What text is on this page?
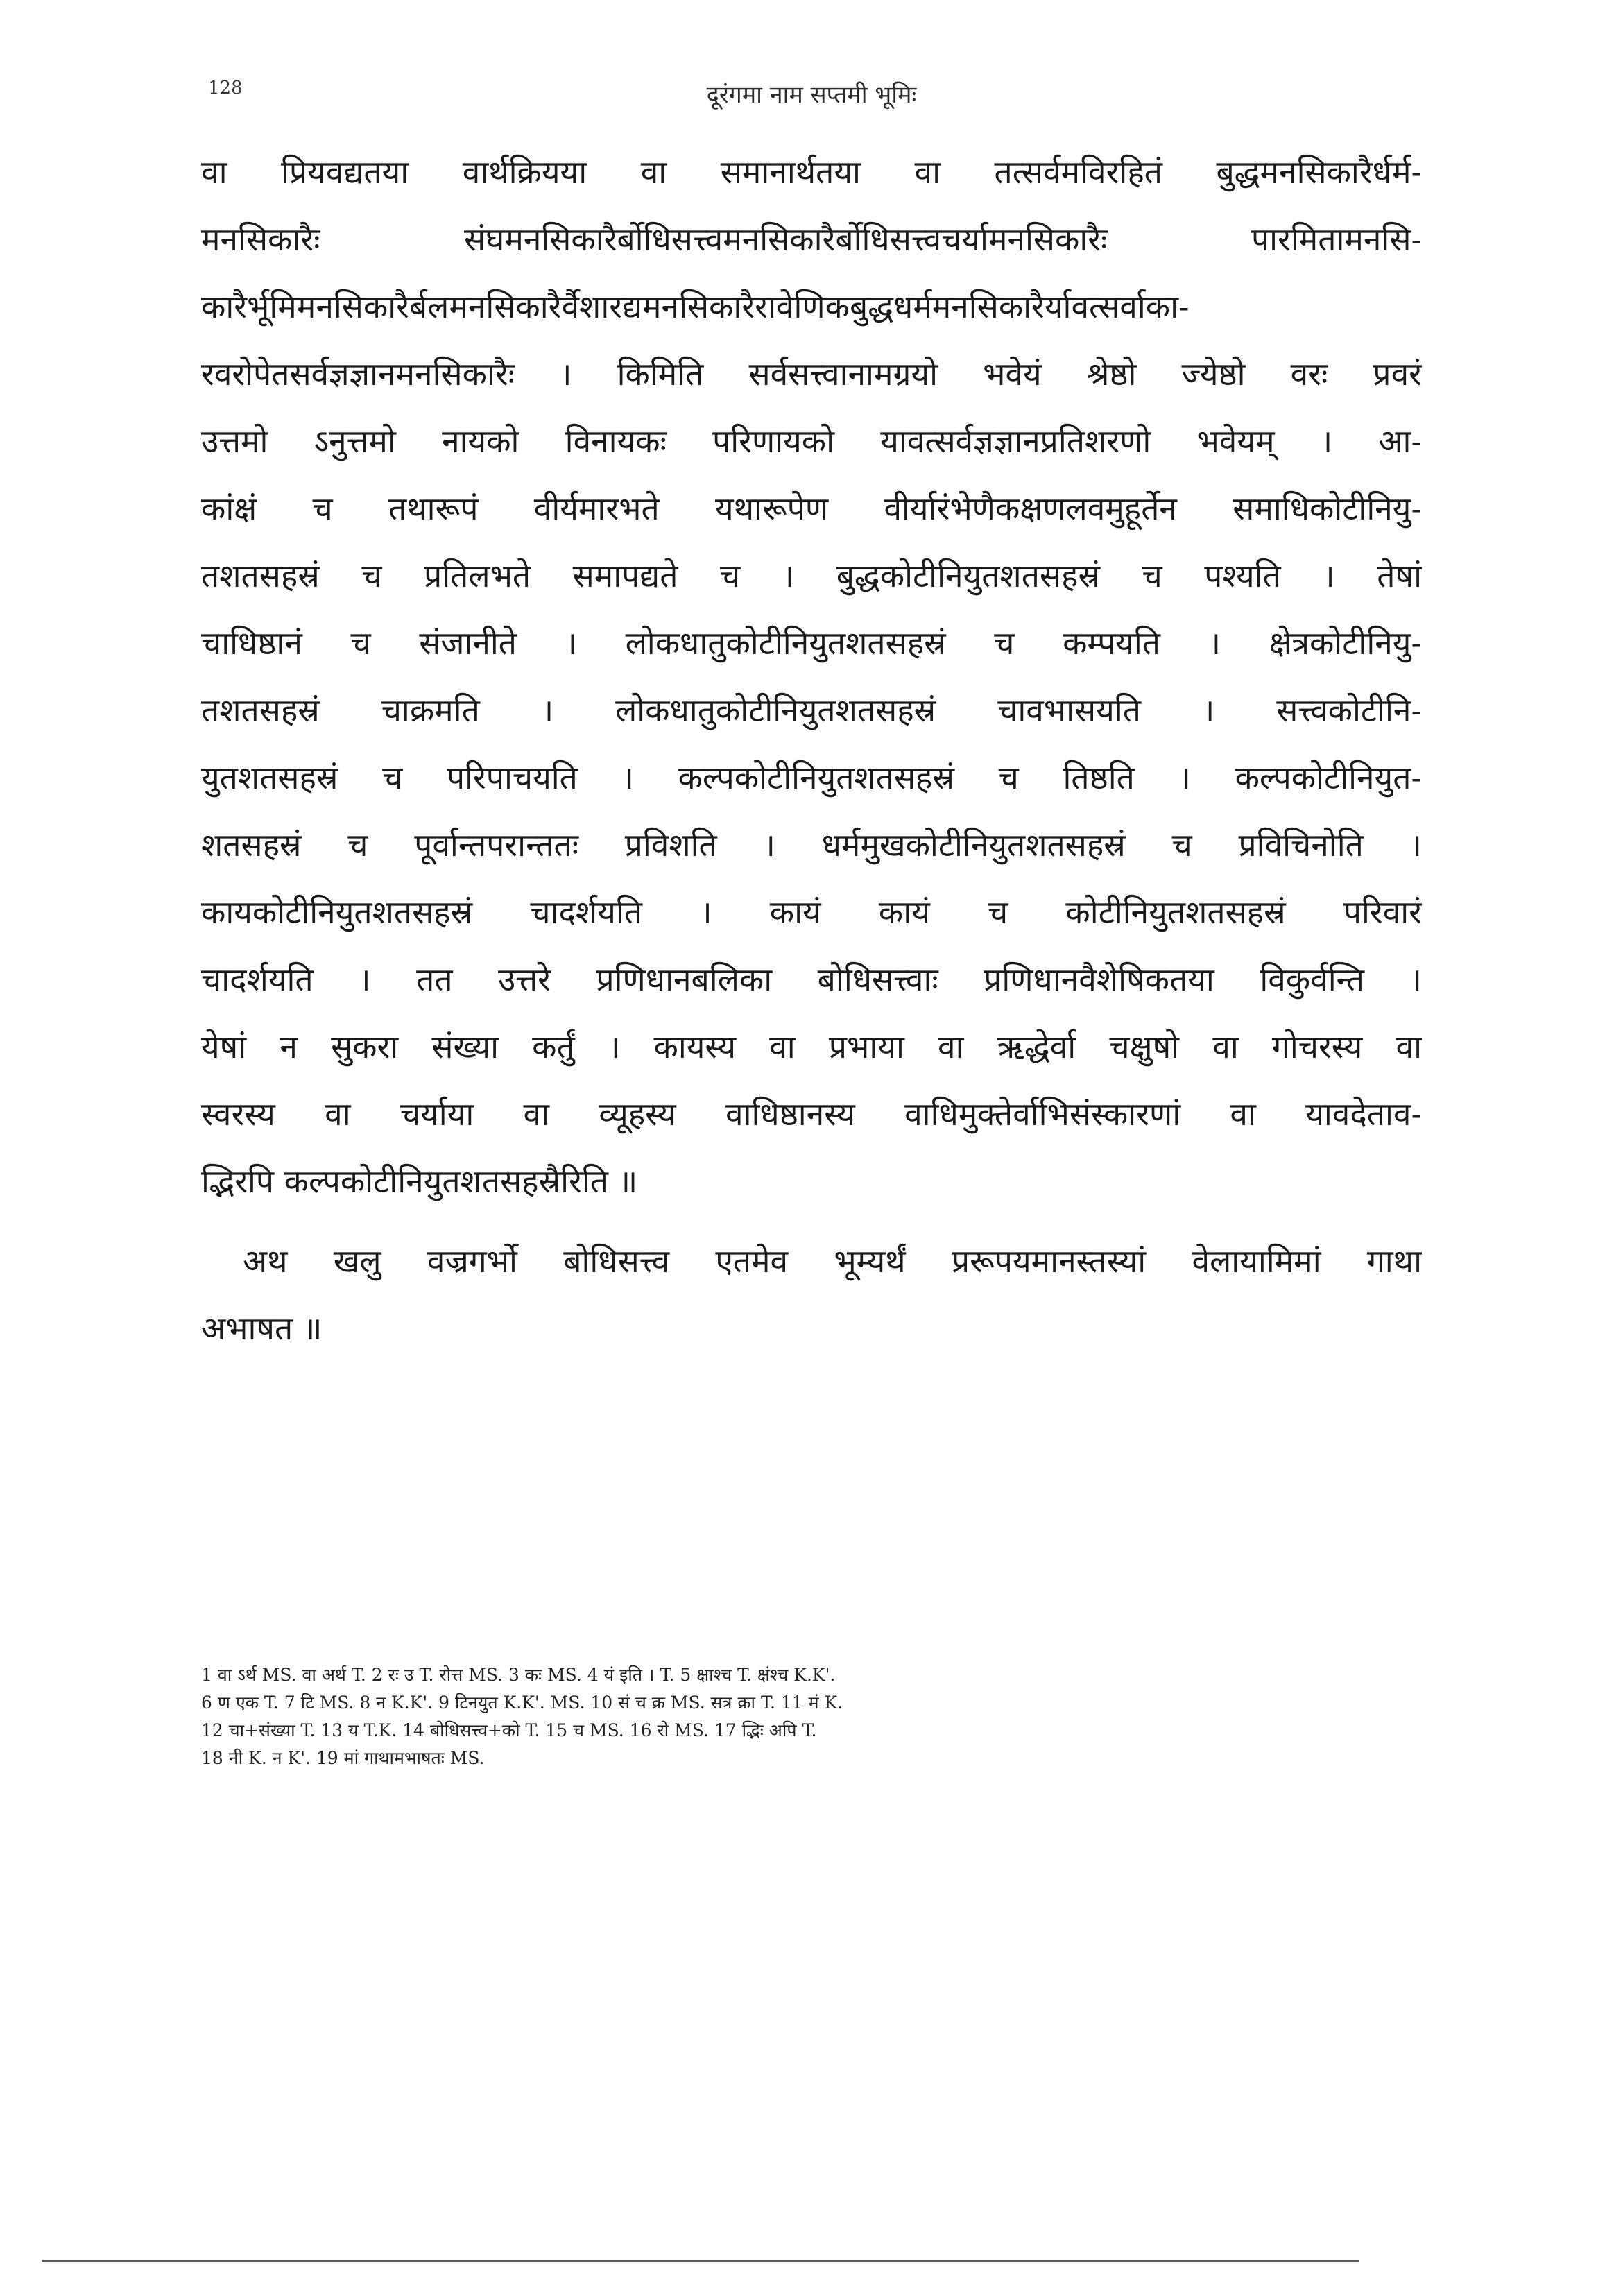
128	दूरंगमा नाम सप्तमी भूमिः
वा प्रियवद्यतया वार्थक्रियया वा समानार्थतया वा तत्सर्वमविरहितं बुद्धमनसिकारैर्धर्म-
मनसिकारैः संघमनसिकारैर्बोधिसत्त्वमनसिकारैर्बोधिसत्त्वचर्यामनसिकारैः पारमितामनसि-
कारैर्भूमिमनसिकारैर्बलमनसिकारैर्वैशारद्यमनसिकारैरावेणिकबुद्धधर्ममनसिकारैर्यावत्सर्वाका-
रवरोपेतसर्वज्ञज्ञानमनसिकारैः । किमिति सर्वसत्त्वानामग्रयो भवेयं श्रेष्ठो ज्येष्ठो वरः प्रवरं
उत्तमो ऽनुत्तमो नायको विनायकः परिणायको यावत्सर्वज्ञज्ञानप्रतिशरणो भवेयम् । आ-
कांक्षं च तथारूपं वीर्यमारभते यथारूपेण वीर्यारंभेणैकक्षणलवमुहूर्तेन समाधिकोटीनियु-
तशतसहस्रं च प्रतिलभते समापद्यते च । बुद्धकोटीनियुतशतसहस्रं च पश्यति । तेषां
चाधिष्ठानं च संजानीते । लोकधातुकोटीनियुतशतसहस्रं च कम्पयति । क्षेत्रकोटीनियु-
तशतसहस्रं चाक्रमति । लोकधातुकोटीनियुतशतसहस्रं चावभासयति । सत्त्वकोटीनि-
युतशतसहस्रं च परिपाचयति । कल्पकोटीनियुतशतसहस्रं च तिष्ठति । कल्पकोटीनियुत-
शतसहस्रं च पूर्वान्तपरान्ततः प्रविशति । धर्ममुखकोटीनियुतशतसहस्रं च प्रविचिनोति ।
कायकोटीनियुतशतसहस्रं चादर्शयति । कायं कायं च कोटीनियुतशतसहस्रं परिवारं
चादर्शयति । तत उत्तरे प्रणिधानबलिका बोधिसत्त्वाः प्रणिधानवैशेषिकतया विकुर्वन्ति ।
येषां न सुकरा संख्या कर्तुं । कायस्य वा प्रभाया वा ऋद्धेर्वा चक्षुषो वा गोचरस्य वा
स्वरस्य वा चर्याया वा व्यूहस्य वाधिष्ठानस्य वाधिमुक्तेर्वाभिसंस्कारणां वा यावदेताव-
द्भिरपि कल्पकोटीनियुतशतसहस्रैरिति ॥
अथ खलु वज्रगर्भो बोधिसत्त्व एतमेव भूम्यर्थं प्ररूपयमानस्तस्यां वेलायामिमां गाथा
अभाषत ॥
1 वा ऽर्थ MS. वा अर्थ T. 2 रः उ T. रोत्त MS. 3 कः MS. 4 यं इति । T. 5 क्षाश्च T. क्षंश्च K.K'.
6 ण एक T. 7 टि MS. 8 न K.K'. 9 टिनयुत K.K'. MS. 10 सं च क्र MS. सत्र क्रा T. 11 मं K.
12 चा+संख्या T. 13 य T.K. 14 बोधिसत्त्व+को T. 15 च MS. 16 रो MS. 17 द्भिः अपि T.
18 नी K. न K'. 19 मां गाथामभाषतः MS.
